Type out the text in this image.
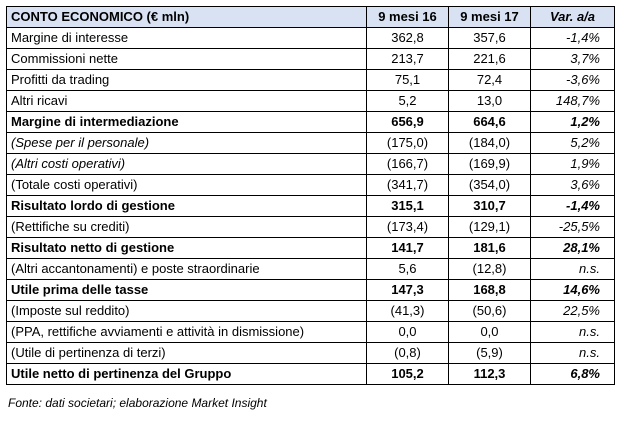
CONTO ECONOMICO (€ mln)	9 mesi 16	9 mesi 17	Var. a/a
Margine di interesse	362,8	357,6	-1,4%
Commissioni nette	213,7	221,6	3,7%
Profitti da trading	75,1	72,4	-3,6%
Altri ricavi	5,2	13,0	148,7%
Margine di intermediazione	656,9	664,6	1,2%
(Spese per il personale)	(175,0)	(184,0)	5,2%
(Altri costi operativi)	(166,7)	(169,9)	1,9%
(Totale costi operativi)	(341,7)	(354,0)	3,6%
Risultato lordo di gestione	315,1	310,7	-1,4%
(Rettifiche su crediti)	(173,4)	(129,1)	-25,5%
Risultato netto di gestione	141,7	181,6	28,1%
(Altri accantonamenti) e poste straordinarie	5,6	(12,8)	n.s.
Utile prima delle tasse	147,3	168,8	14,6%
(Imposte sul reddito)	(41,3)	(50,6)	22,5%
(PPA, rettifiche avviamenti e attività in dismissione)	0,0	0,0	n.s.
(Utile di pertinenza di terzi)	(0,8)	(5,9)	n.s.
Utile netto di pertinenza del Gruppo	105,2	112,3	6,8%
Fonte: dati societari; elaborazione Market Insight
